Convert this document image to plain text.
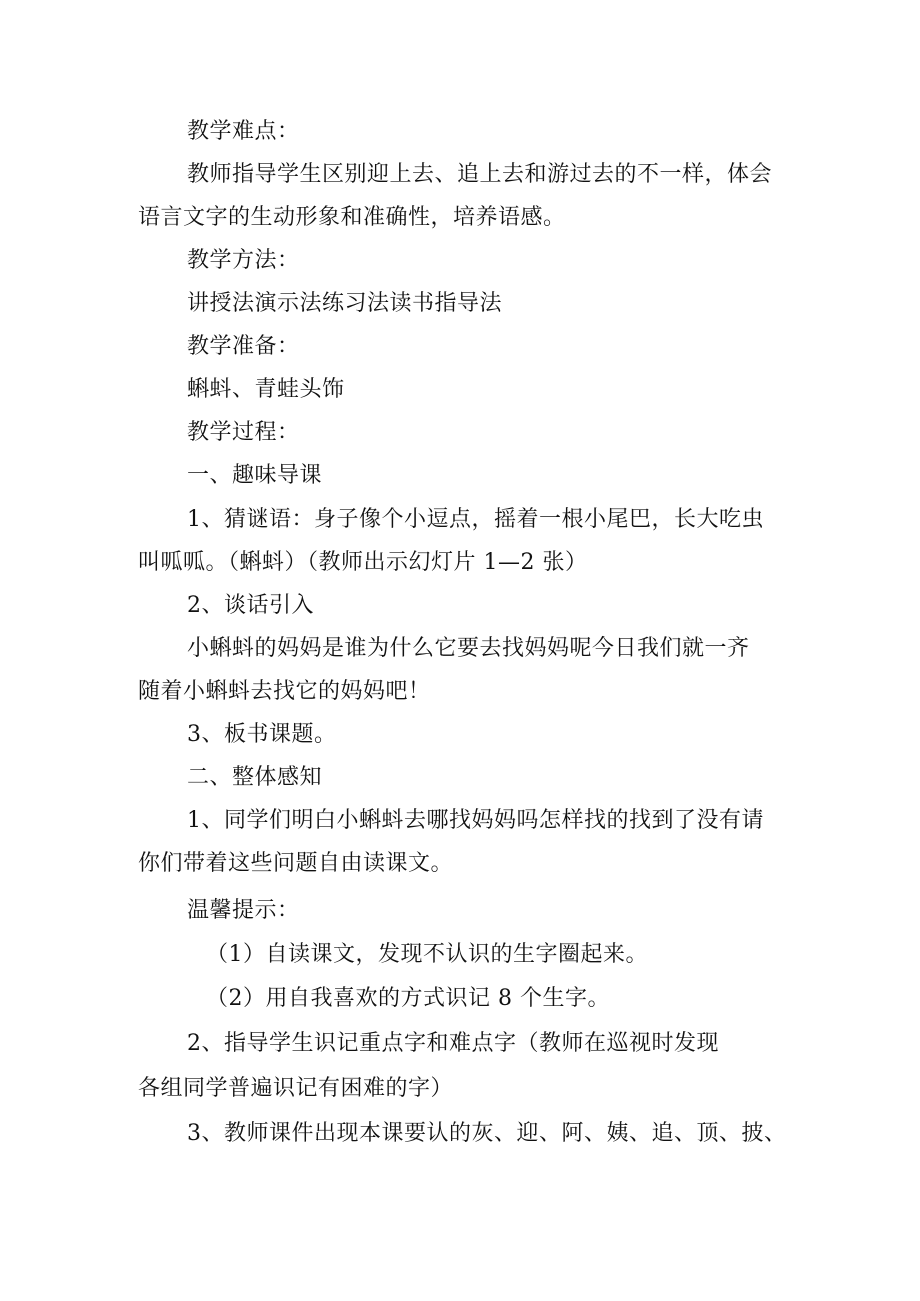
教学难点：
教师指导学生区别迎上去、追上去和游过去的不一样，体会
语言文字的生动形象和准确性，培养语感。
教学方法：
讲授法演示法练习法读书指导法
教学准备：
蝌蚪、青蛙头饰
教学过程：
一、趣味导课
1、猜谜语：身子像个小逗点，摇着一根小尾巴，长大吃虫
叫呱呱。（蝌蚪）（教师出示幻灯片 1—2 张）
2、谈话引入
小蝌蚪的妈妈是谁为什么它要去找妈妈呢今日我们就一齐
随着小蝌蚪去找它的妈妈吧！
3、板书课题。
二、整体感知
1、同学们明白小蝌蚪去哪找妈妈吗怎样找的找到了没有请
你们带着这些问题自由读课文。
温馨提示：
（1）自读课文，发现不认识的生字圈起来。
（2）用自我喜欢的方式识记 8 个生字。
2、指导学生识记重点字和难点字（教师在巡视时发现
各组同学普遍识记有困难的字）
3、教师课件出现本课要认的灰、迎、阿、姨、追、顶、披、
